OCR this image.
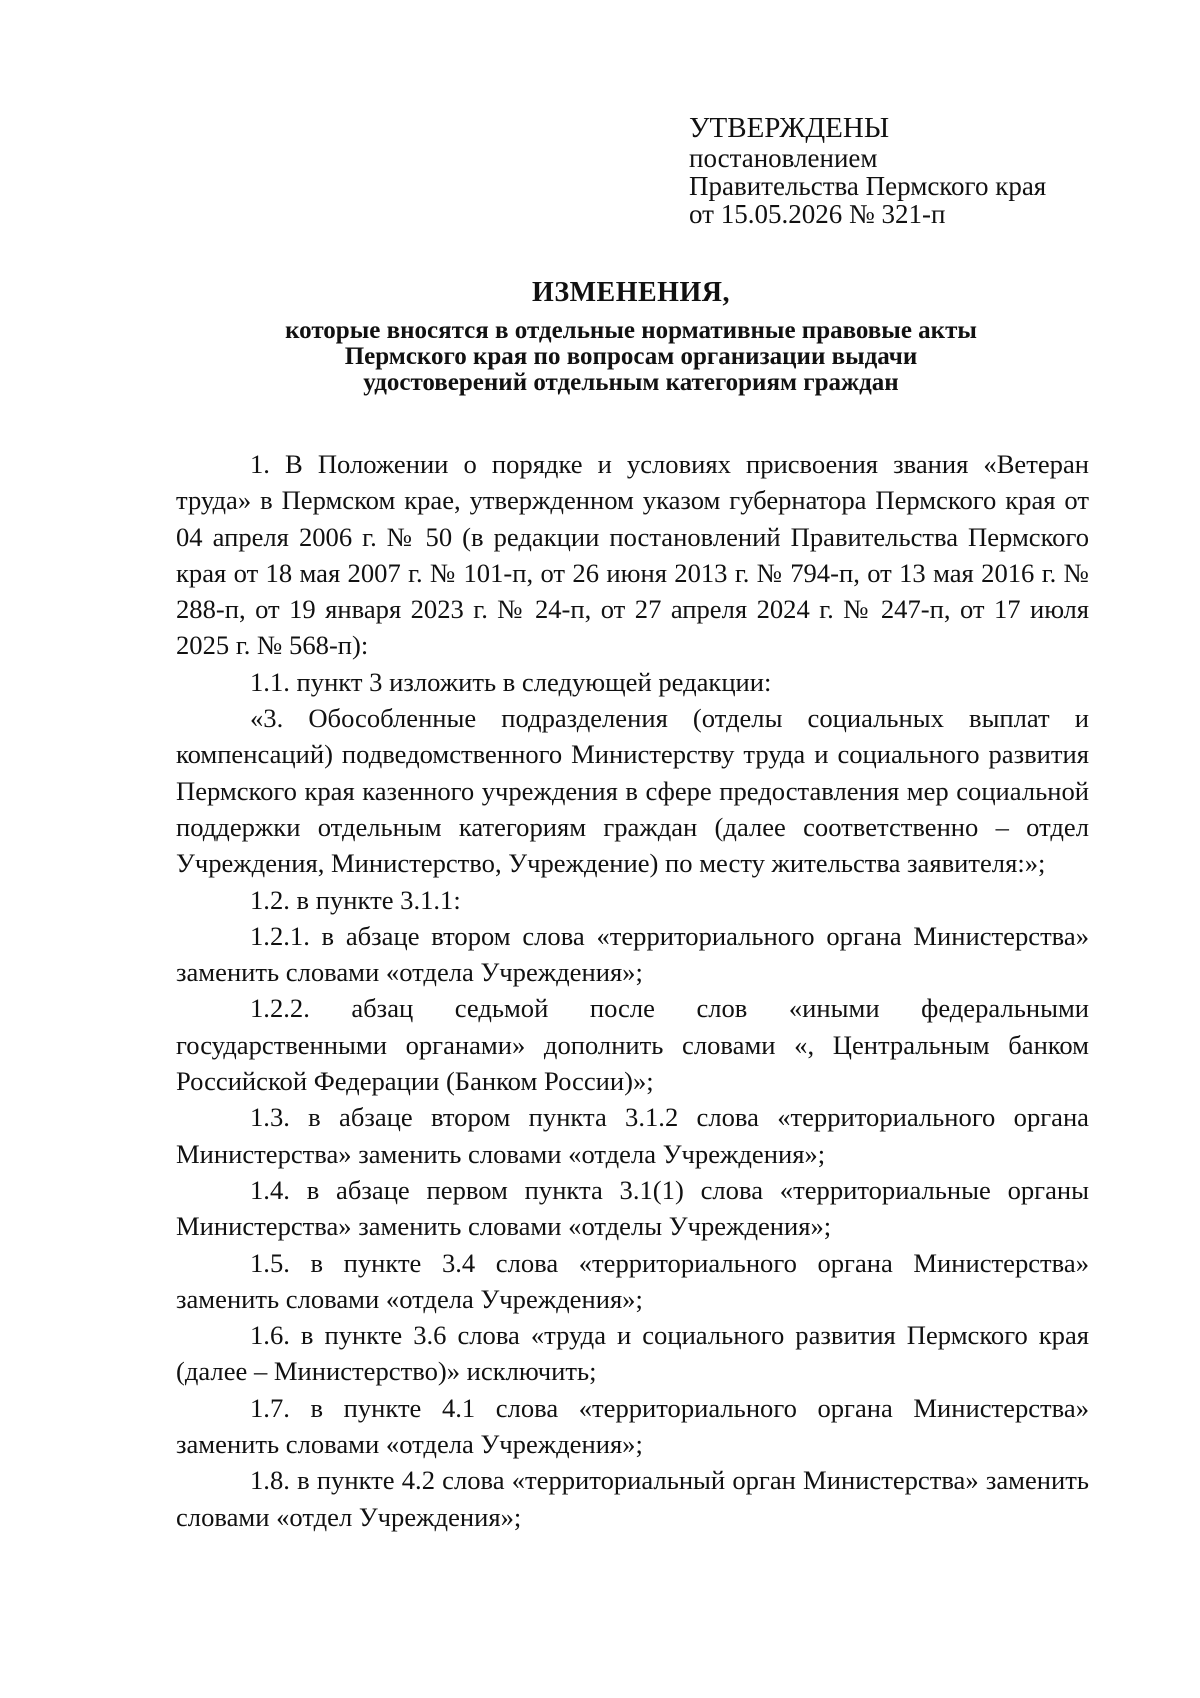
УТВЕРЖДЕНЫ
постановлением
Правительства Пермского края
от 15.05.2026 № 321-п
ИЗМЕНЕНИЯ,
которые вносятся в отдельные нормативные правовые акты
Пермского края по вопросам организации выдачи
удостоверений отдельным категориям граждан

1. В Положении о порядке и условиях присвоения звания «Ветеран труда» в Пермском крае, утвержденном указом губернатора Пермского края от 04 апреля 2006 г. № 50 (в редакции постановлений Правительства Пермского края от 18 мая 2007 г. № 101-п, от 26 июня 2013 г. № 794-п, от 13 мая 2016 г. № 288-п, от 19 января 2023 г. № 24-п, от 27 апреля 2024 г. № 247-п, от 17 июля 2025 г. № 568-п):

1.1. пункт 3 изложить в следующей редакции:

«3. Обособленные подразделения (отделы социальных выплат и компенсаций) подведомственного Министерству труда и социального развития Пермского края казенного учреждения в сфере предоставления мер социальной поддержки отдельным категориям граждан (далее соответственно – отдел Учреждения, Министерство, Учреждение) по месту жительства заявителя:»;

1.2. в пункте 3.1.1:

1.2.1. в абзаце втором слова «территориального органа Министерства» заменить словами «отдела Учреждения»;

1.2.2. абзац седьмой после слов «иными федеральными государственными органами» дополнить словами «, Центральным банком Российской Федерации (Банком России)»;

1.3. в абзаце втором пункта 3.1.2 слова «территориального органа Министерства» заменить словами «отдела Учреждения»;

1.4. в абзаце первом пункта 3.1(1) слова «территориальные органы Министерства» заменить словами «отделы Учреждения»;

1.5. в пункте 3.4 слова «территориального органа Министерства» заменить словами «отдела Учреждения»;

1.6. в пункте 3.6 слова «труда и социального развития Пермского края (далее – Министерство)» исключить;

1.7. в пункте 4.1 слова «территориального органа Министерства» заменить словами «отдела Учреждения»;

1.8. в пункте 4.2 слова «территориальный орган Министерства» заменить словами «отдел Учреждения»;
